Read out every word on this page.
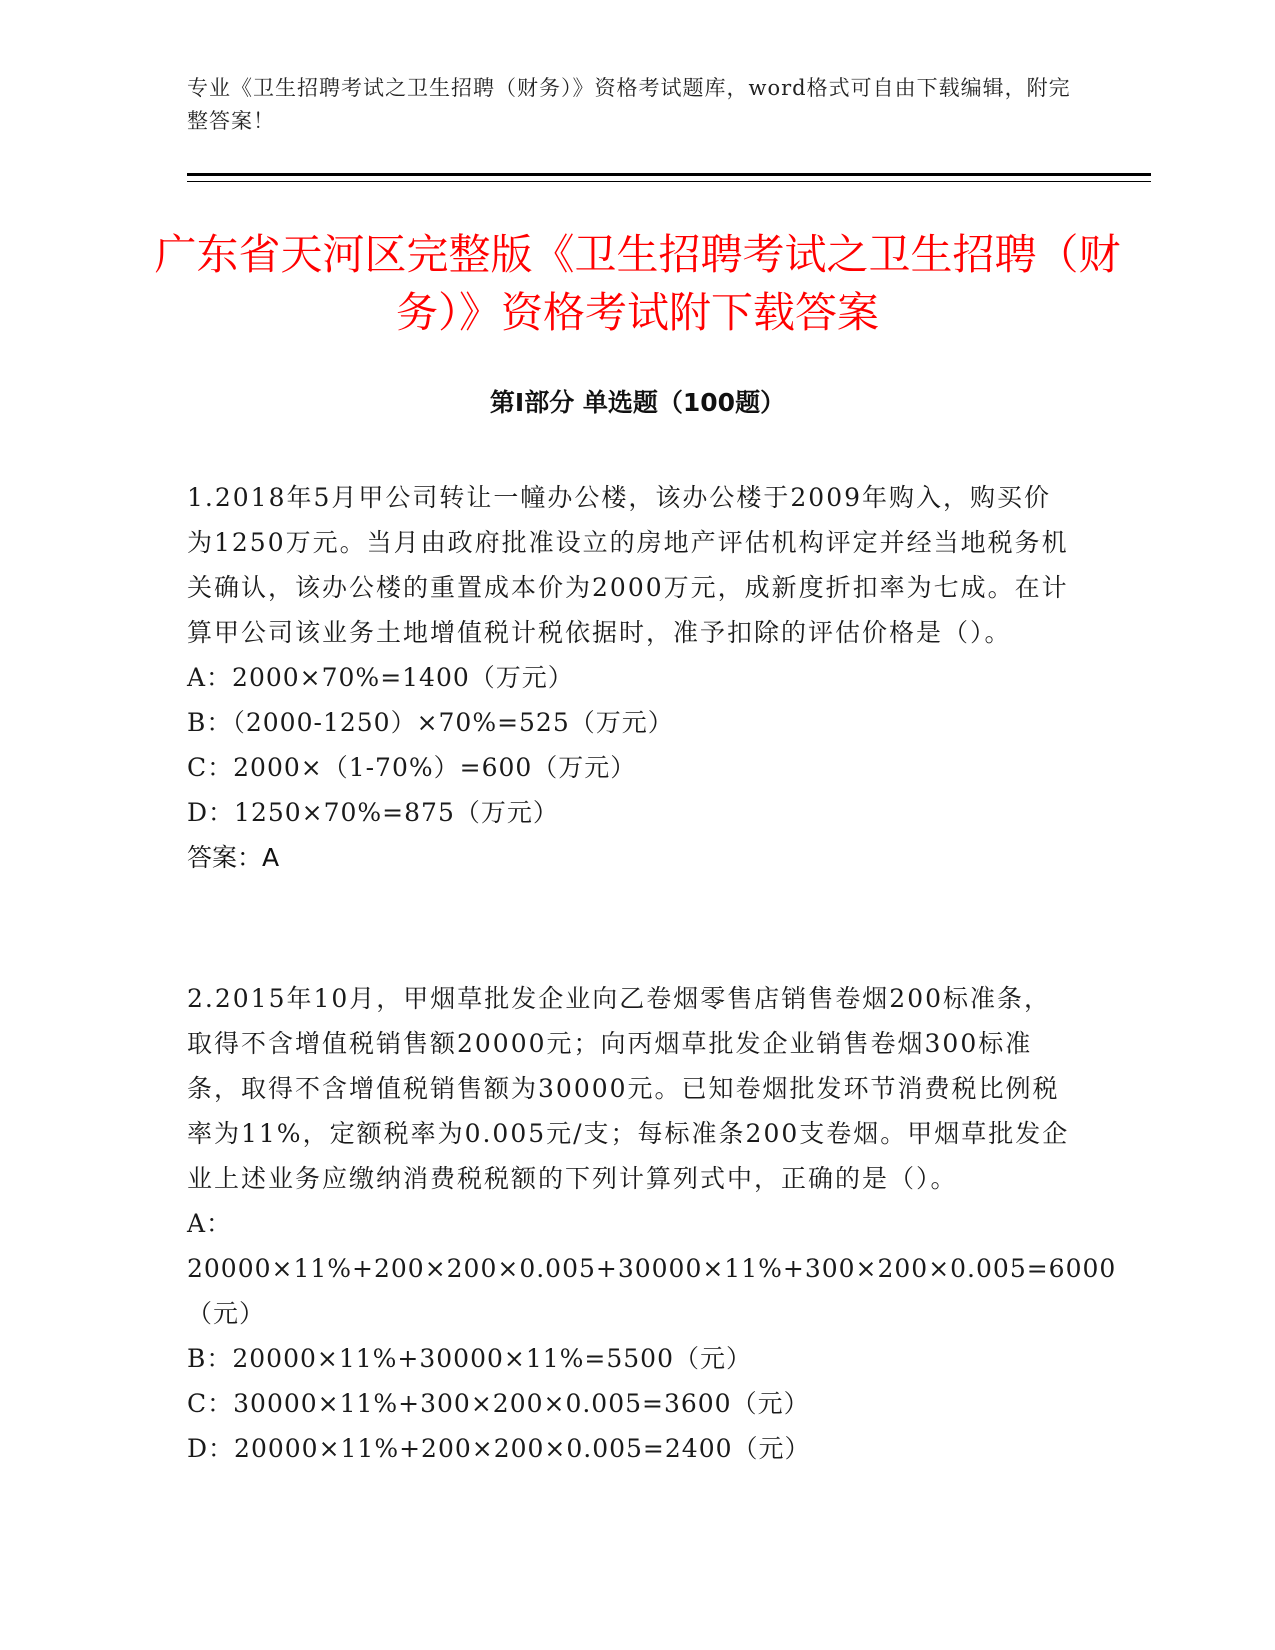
专业《卫生招聘考试之卫生招聘（财务）》资格考试题库，word格式可自由下载编辑，附完整答案！
广东省天河区完整版《卫生招聘考试之卫生招聘（财务）》资格考试附下载答案
第I部分 单选题（100题）

1.2018年5月甲公司转让一幢办公楼，该办公楼于2009年购入，购买价为1250万元。当月由政府批准设立的房地产评估机构评定并经当地税务机关确认，该办公楼的重置成本价为2000万元，成新度折扣率为七成。在计算甲公司该业务土地增值税计税依据时，准予扣除的评估价格是（）。

A：2000×70%=1400（万元）
B：（2000-1250）×70%=525（万元）
C：2000×（1-70%）=600（万元）
D：1250×70%=875（万元）

答案：A

2.2015年10月，甲烟草批发企业向乙卷烟零售店销售卷烟200标准条，取得不含增值税销售额20000元；向丙烟草批发企业销售卷烟300标准条，取得不含增值税销售额为30000元。已知卷烟批发环节消费税比例税率为11%，定额税率为0.005元/支；每标准条200支卷烟。甲烟草批发企业上述业务应缴纳消费税税额的下列计算列式中，正确的是（）。

A：20000×11%+200×200×0.005+30000×11%+300×200×0.005=6000（元）
B：20000×11%+30000×11%=5500（元）
C：30000×11%+300×200×0.005=3600（元）
D：20000×11%+200×200×0.005=2400（元）
